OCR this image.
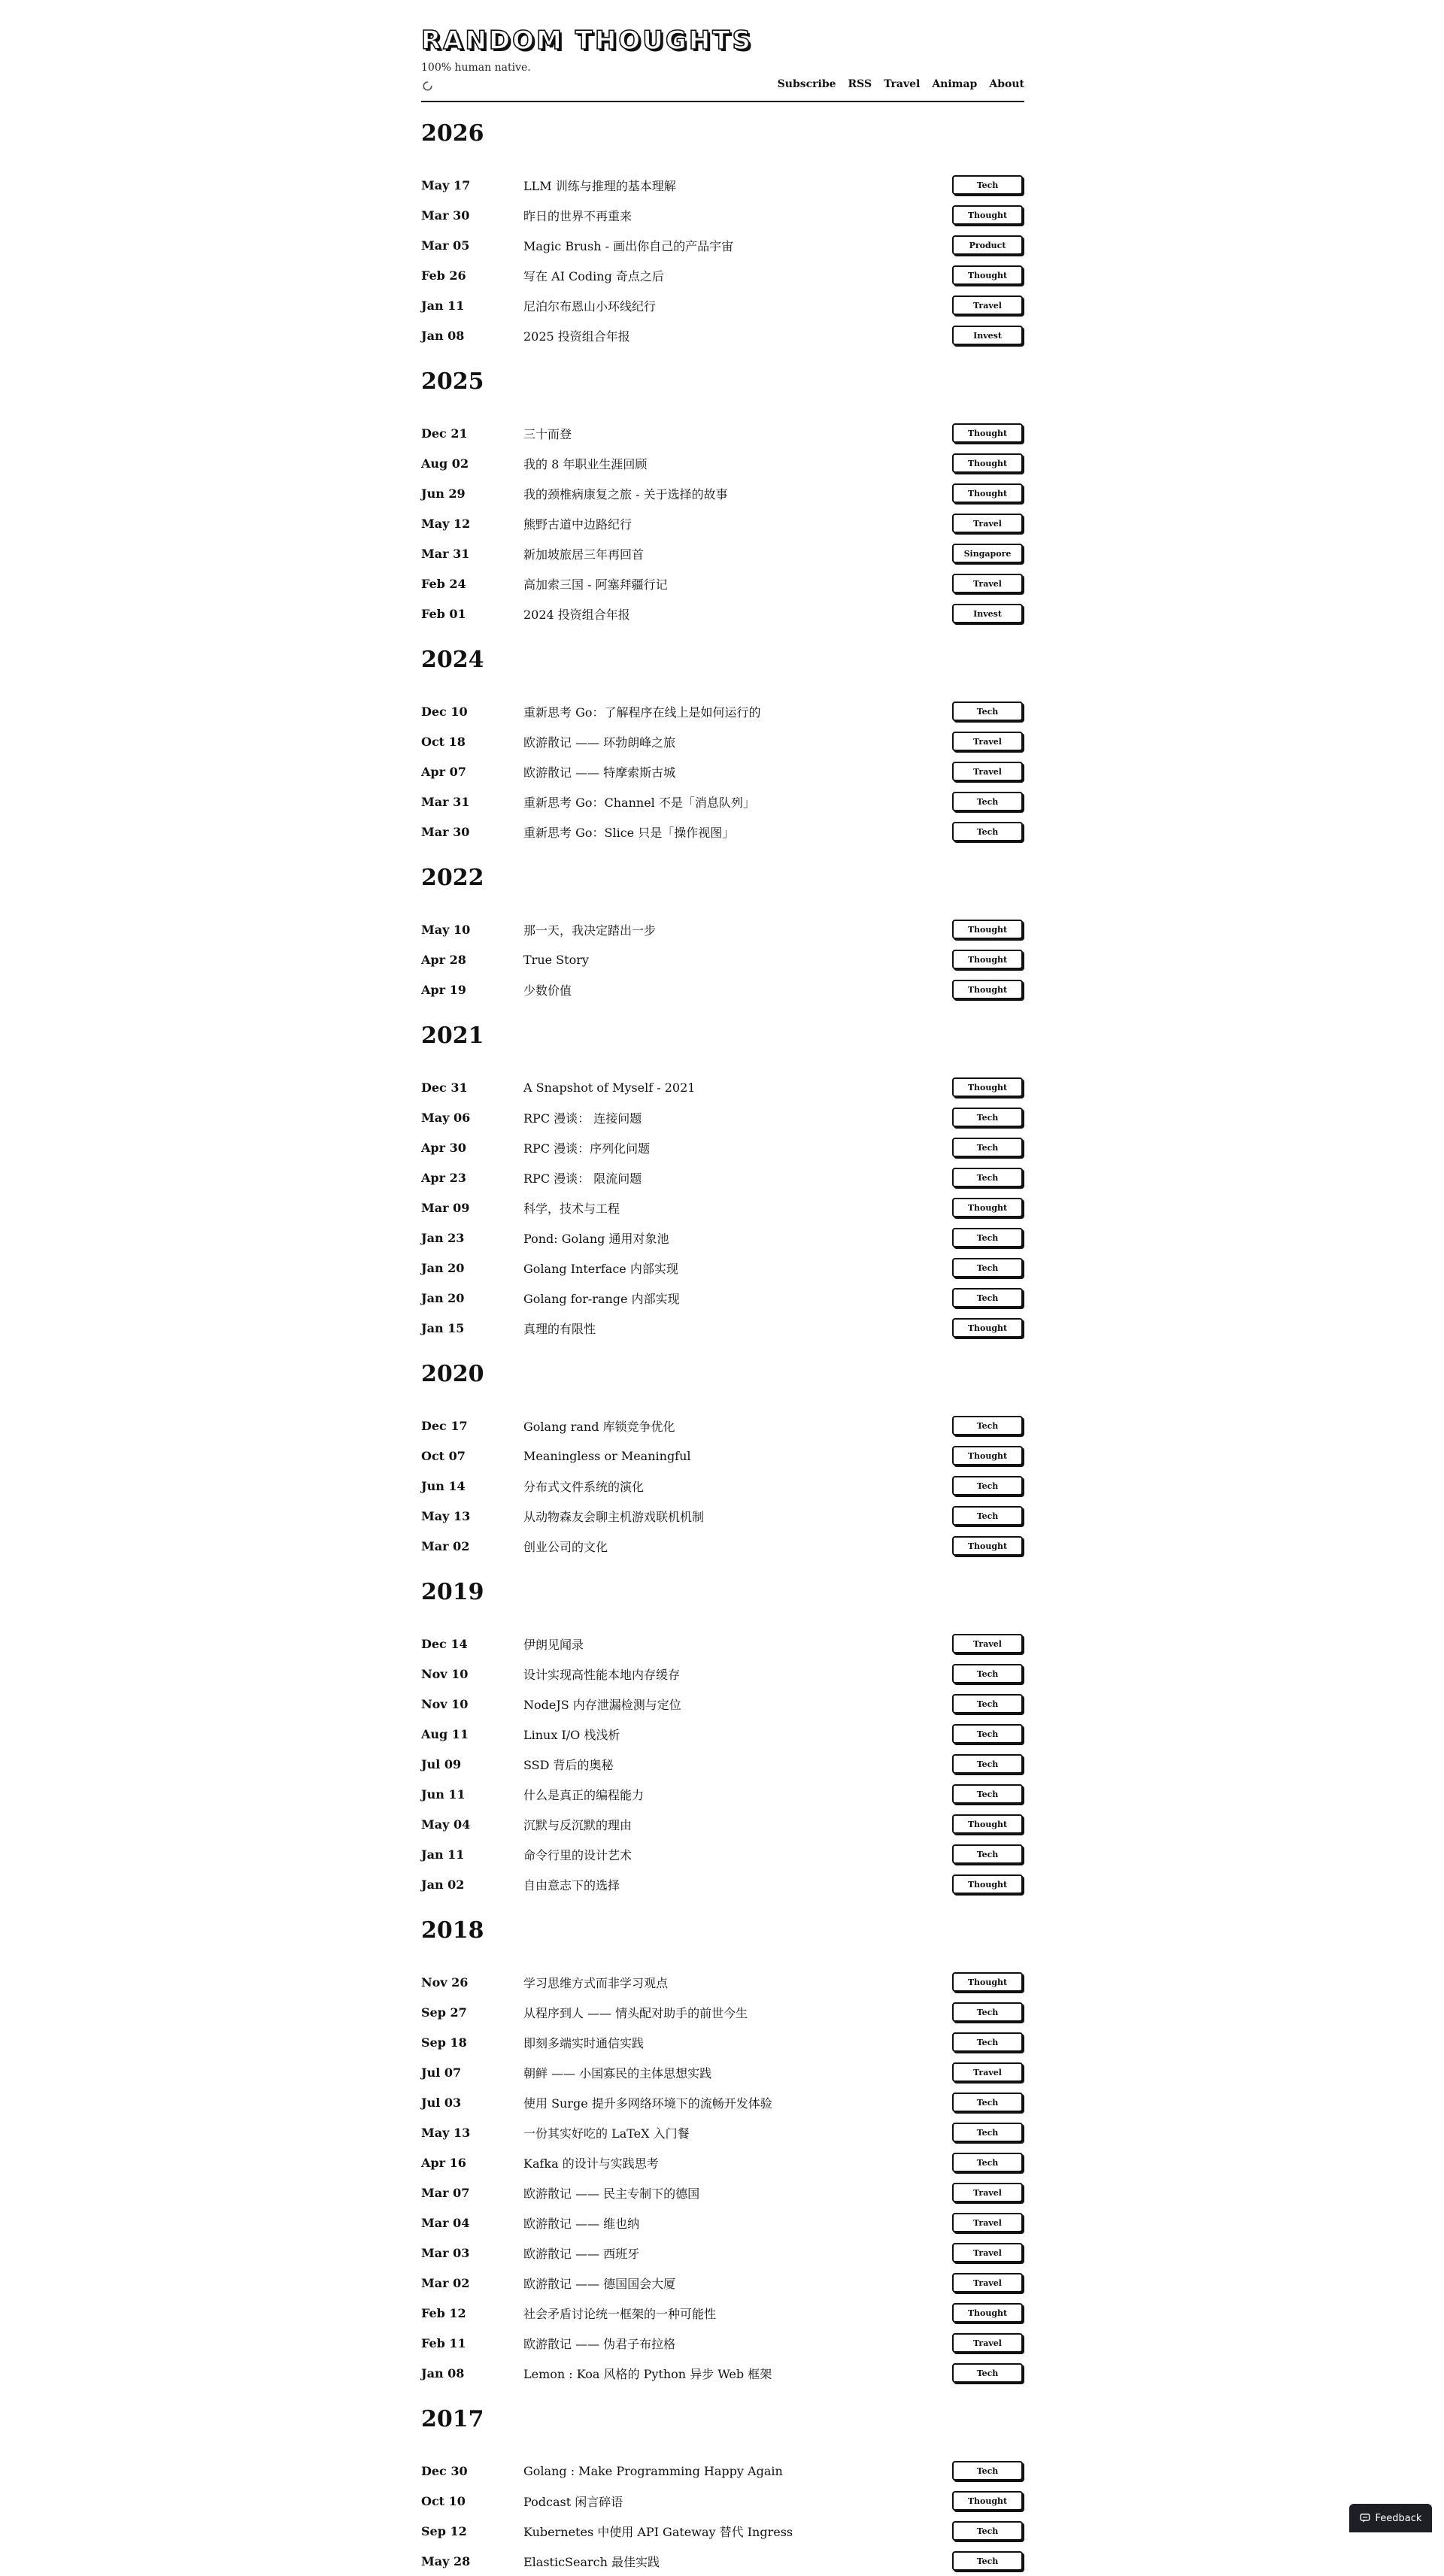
RANDOM THOUGHTS
100% human native.
Subscribe RSS Travel Animap About
2026
May 17	LLM 训练与推理的基本理解	Tech
Mar 30	昨日的世界不再重来	Thought
Mar 05	Magic Brush - 画出你自己的产品宇宙	Product
Feb 26	写在 AI Coding 奇点之后	Thought
Jan 11	尼泊尔布恩山小环线纪行	Travel
Jan 08	2025 投资组合年报	Invest
2025
Dec 21	三十而登	Thought
Aug 02	我的 8 年职业生涯回顾	Thought
Jun 29	我的颈椎病康复之旅 - 关于选择的故事	Thought
May 12	熊野古道中边路纪行	Travel
Mar 31	新加坡旅居三年再回首	Singapore
Feb 24	高加索三国 - 阿塞拜疆行记	Travel
Feb 01	2024 投资组合年报	Invest
2024
Dec 10	重新思考 Go：了解程序在线上是如何运行的	Tech
Oct 18	欧游散记 —— 环勃朗峰之旅	Travel
Apr 07	欧游散记 —— 特摩索斯古城	Travel
Mar 31	重新思考 Go：Channel 不是「消息队列」	Tech
Mar 30	重新思考 Go：Slice 只是「操作视图」	Tech
2022
May 10	那一天，我决定踏出一步	Thought
Apr 28	True Story	Thought
Apr 19	少数价值	Thought
2021
Dec 31	A Snapshot of Myself - 2021	Thought
May 06	RPC 漫谈： 连接问题	Tech
Apr 30	RPC 漫谈：序列化问题	Tech
Apr 23	RPC 漫谈： 限流问题	Tech
Mar 09	科学，技术与工程	Thought
Jan 23	Pond: Golang 通用对象池	Tech
Jan 20	Golang Interface 内部实现	Tech
Jan 20	Golang for-range 内部实现	Tech
Jan 15	真理的有限性	Thought
2020
Dec 17	Golang rand 库锁竞争优化	Tech
Oct 07	Meaningless or Meaningful	Thought
Jun 14	分布式文件系统的演化	Tech
May 13	从动物森友会聊主机游戏联机机制	Tech
Mar 02	创业公司的文化	Thought
2019
Dec 14	伊朗见闻录	Travel
Nov 10	设计实现高性能本地内存缓存	Tech
Nov 10	NodeJS 内存泄漏检测与定位	Tech
Aug 11	Linux I/O 栈浅析	Tech
Jul 09	SSD 背后的奥秘	Tech
Jun 11	什么是真正的编程能力	Tech
May 04	沉默与反沉默的理由	Thought
Jan 11	命令行里的设计艺术	Tech
Jan 02	自由意志下的选择	Thought
2018
Nov 26	学习思维方式而非学习观点	Thought
Sep 27	从程序到人 —— 情头配对助手的前世今生	Tech
Sep 18	即刻多端实时通信实践	Tech
Jul 07	朝鲜 —— 小国寡民的主体思想实践	Travel
Jul 03	使用 Surge 提升多网络环境下的流畅开发体验	Tech
May 13	一份其实好吃的 LaTeX 入门餐	Tech
Apr 16	Kafka 的设计与实践思考	Tech
Mar 07	欧游散记 —— 民主专制下的德国	Travel
Mar 04	欧游散记 —— 维也纳	Travel
Mar 03	欧游散记 —— 西班牙	Travel
Mar 02	欧游散记 —— 德国国会大厦	Travel
Feb 12	社会矛盾讨论统一框架的一种可能性	Thought
Feb 11	欧游散记 —— 伪君子布拉格	Travel
Jan 08	Lemon : Koa 风格的 Python 异步 Web 框架	Tech
2017
Dec 30	Golang : Make Programming Happy Again	Tech
Oct 10	Podcast 闲言碎语	Thought
Sep 12	Kubernetes 中使用 API Gateway 替代 Ingress	Tech
May 28	ElasticSearch 最佳实践	Tech
Feedback
